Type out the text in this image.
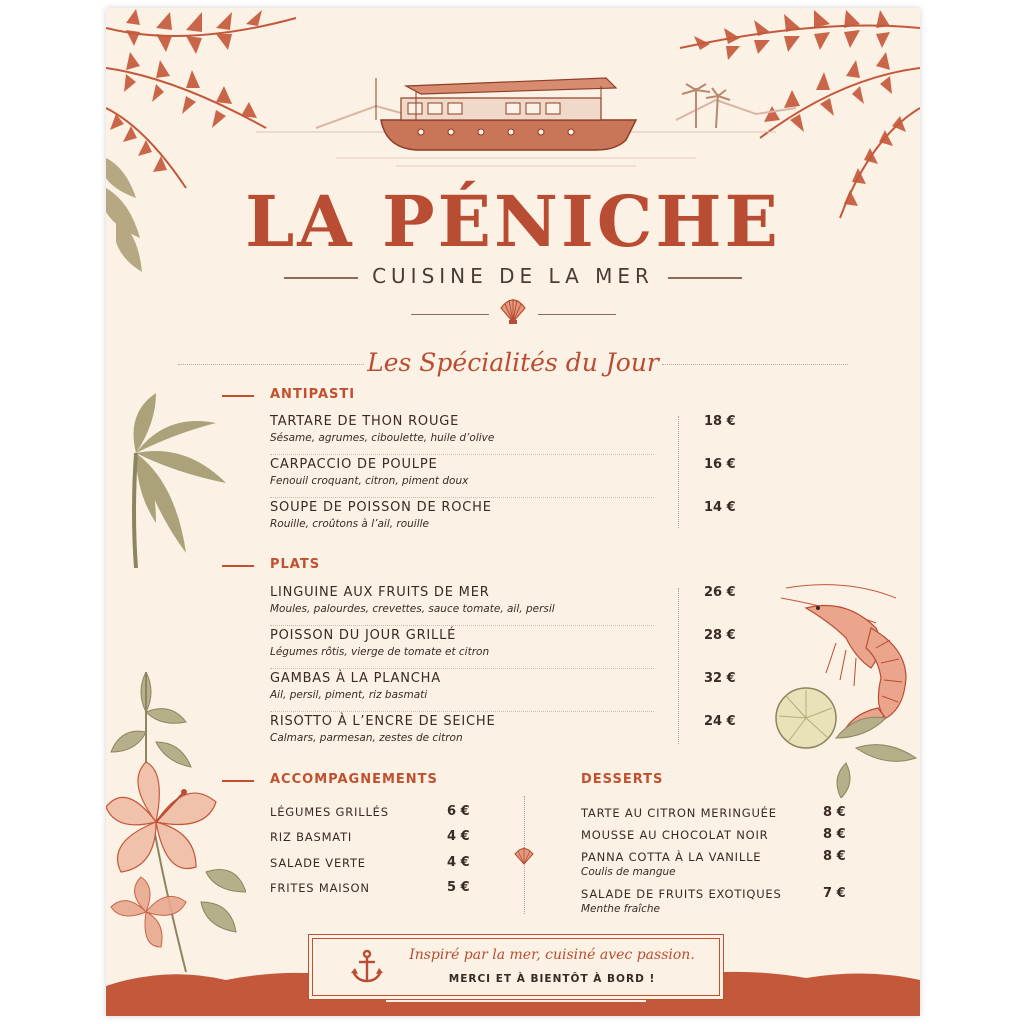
LA PÉNICHE
CUISINE DE LA MER
Les Spécialités du Jour
ANTIPASTI
TARTARE DE THON ROUGE
Sésame, agrumes, ciboulette, huile d’olive
18 €
CARPACCIO DE POULPE
Fenouil croquant, citron, piment doux
16 €
SOUPE DE POISSON DE ROCHE
Rouille, croûtons à l’ail, rouille
14 €
PLATS
LINGUINE AUX FRUITS DE MER
Moules, palourdes, crevettes, sauce tomate, ail, persil
26 €
POISSON DU JOUR GRILLÉ
Légumes rôtis, vierge de tomate et citron
28 €
GAMBAS À LA PLANCHA
Ail, persil, piment, riz basmati
32 €
RISOTTO À L’ENCRE DE SEICHE
Calmars, parmesan, zestes de citron
24 €
ACCOMPAGNEMENTS
LÉGUMES GRILLÉS	6 €
RIZ BASMATI	4 €
SALADE VERTE	4 €
FRITES MAISON	5 €
DESSERTS
TARTE AU CITRON MERINGUÉE	8 €
MOUSSE AU CHOCOLAT NOIR	8 €
PANNA COTTA À LA VANILLE
Coulis de mangue
8 €
SALADE DE FRUITS EXOTIQUES
Menthe fraîche
7 €
Inspiré par la mer, cuisiné avec passion.
MERCI ET À BIENTÔT À BORD !
